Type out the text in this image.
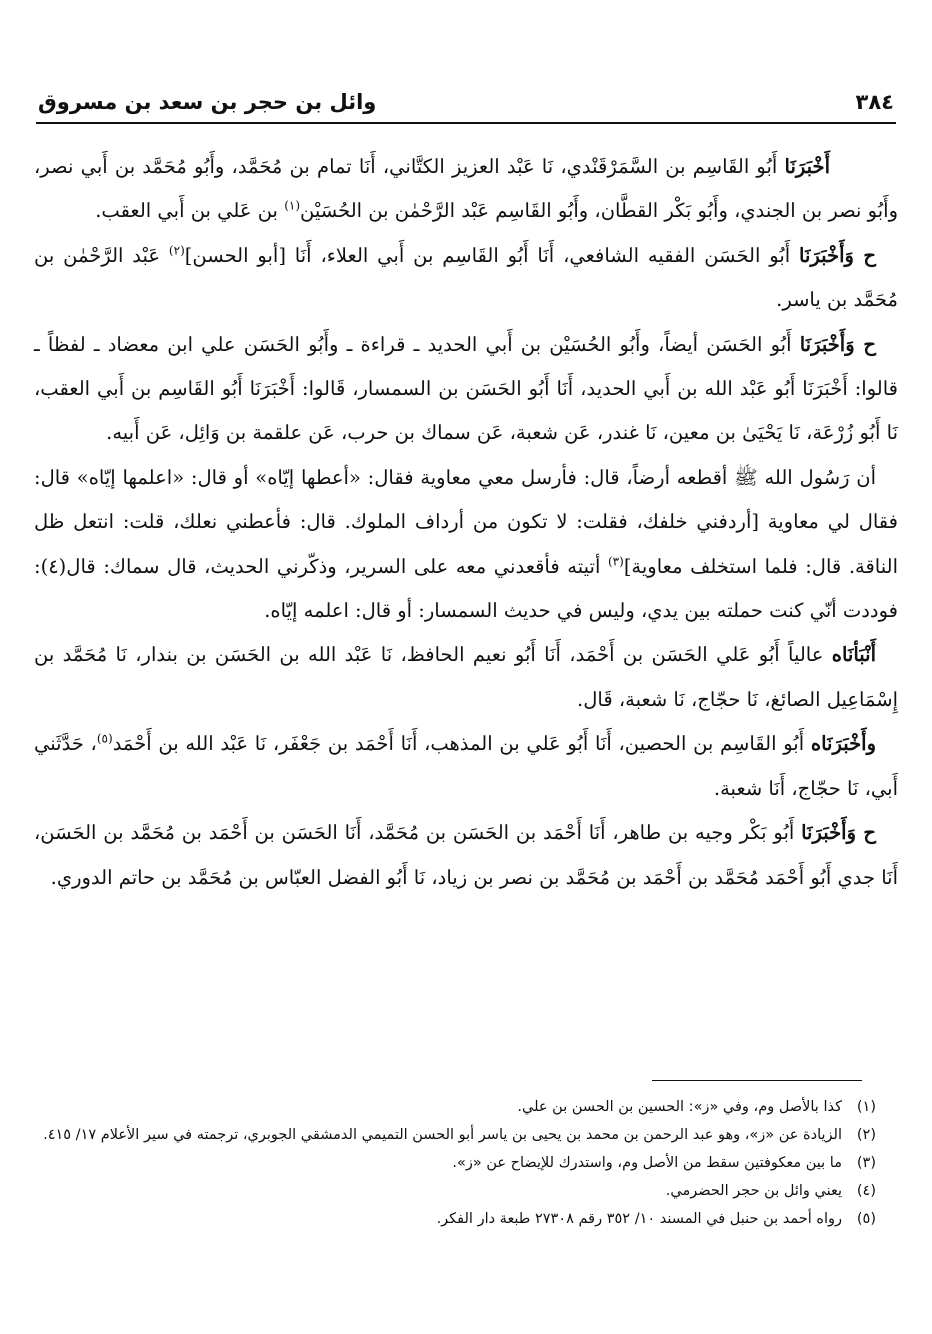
٣٨٤
وائل بن حجر بن سعد بن مسروق

أَخْبَرَنَا أَبُو القَاسِم بن السَّمَرْقَنْدي، نَا عَبْد العزيز الكتَّاني، أَنَا تمام بن مُحَمَّد، وأَبُو مُحَمَّد بن أَبي نصر، وأَبُو نصر بن الجندي، وأَبُو بَكْر القطَّان، وأَبُو القَاسِم عَبْد الرَّحْمٰن بن الحُسَيْن$^{(١)}$ بن عَلي بن أَبي العقب.

ح وَأَخْبَرَنَا أَبُو الحَسَن الفقيه الشافعي، أَنَا أَبُو القَاسِم بن أَبي العلاء، أَنَا [أبو الحسن]$^{(٢)}$ عَبْد الرَّحْمٰن بن مُحَمَّد بن ياسر.

ح وَأَخْبَرَنَا أَبُو الحَسَن أيضاً، وأَبُو الحُسَيْن بن أَبي الحديد ـ قراءة ـ وأَبُو الحَسَن علي ابن معضاد ـ لفظاً ـ قالوا: أَخْبَرَنَا أَبُو عَبْد الله بن أَبي الحديد، أَنَا أَبُو الحَسَن بن السمسار، قَالوا: أَخْبَرَنَا أَبُو القَاسِم بن أَبي العقب، نَا أَبُو زُرْعَة، نَا يَحْيَىٰ بن معين، نَا غندر، عَن شعبة، عَن سماك بن حرب، عَن علقمة بن وَائِل، عَن أَبيه.

أن رَسُول الله ﷺ أقطعه أرضاً، قال: فأرسل معي معاوية فقال: «أعطها إيّاه» أو قال: «اعلمها إيّاه» قال: فقال لي معاوية [أردفني خلفك، فقلت: لا تكون من أرداف الملوك. قال: فأعطني نعلك، قلت: انتعل ظل الناقة. قال: فلما استخلف معاوية]$^{(٣)}$ أتيته فأقعدني معه على السرير، وذكّرني الحديث، قال سماك: قال(٤): فوددت أنّي كنت حملته بين يدي، وليس في حديث السمسار: أو قال: اعلمه إيّاه.

أَنْبَأنَاه عالياً أَبُو عَلي الحَسَن بن أَحْمَد، أَنَا أَبُو نعيم الحافظ، نَا عَبْد الله بن الحَسَن بن بندار، نَا مُحَمَّد بن إِسْمَاعِيل الصائغ، نَا حجّاج، نَا شعبة، قَال.

وأَخْبَرَنَاه أَبُو القَاسِم بن الحصين، أَنَا أَبُو عَلي بن المذهب، أَنَا أَحْمَد بن جَعْفَر، نَا عَبْد الله بن أَحْمَد$^{(٥)}$، حَدَّثَني أَبي، نَا حجّاج، أَنَا شعبة.

ح وَأَخْبَرَنَا أَبُو بَكْر وجيه بن طاهر، أَنَا أَحْمَد بن الحَسَن بن مُحَمَّد، أَنَا الحَسَن بن أَحْمَد بن مُحَمَّد بن الحَسَن، أَنَا جدي أَبُو أَحْمَد مُحَمَّد بن أَحْمَد بن مُحَمَّد بن نصر بن زياد، نَا أَبُو الفضل العبّاس بن مُحَمَّد بن حاتم الدوري.

(١)
كذا بالأصل وم، وفي «ز»: الحسين بن الحسن بن علي.
(٢)
الزيادة عن «ز»، وهو عبد الرحمن بن محمد بن يحيى بن ياسر أبو الحسن التميمي الدمشقي الجوبري، ترجمته في سير الأعلام ١٧/ ٤١٥.
(٣)
ما بين معكوفتين سقط من الأصل وم، واستدرك للإيضاح عن «ز».
(٤)
يعني وائل بن حجر الحضرمي.
(٥)
رواه أحمد بن حنبل في المسند ١٠/ ٣٥٢ رقم ٢٧٣٠٨ طبعة دار الفكر.
